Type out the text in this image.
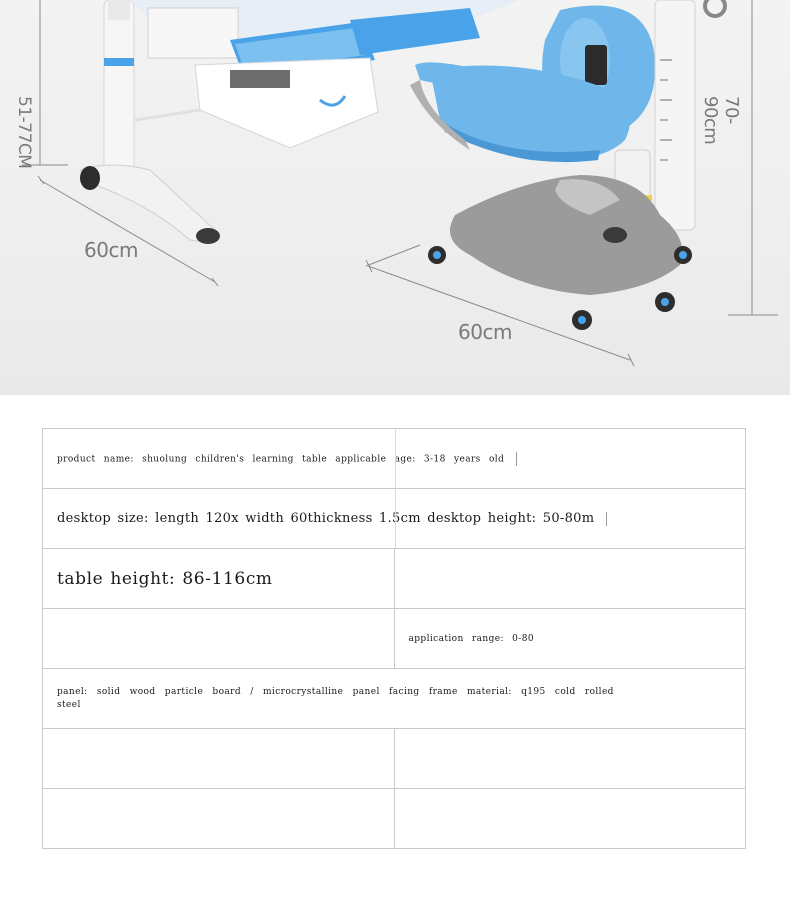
51-77CM	70-90cm
60cm
60cm
product name: shuolung children's learning table applicable age: 3-18 years old	

desktop size: length 120x width 60thickness 1.5cm desktop height: 50-80m	
table height: 86-116cm	
	application range: 0-80
panel: solid wood particle board / microcrystalline panel facing frame material: q195 cold rolled steel	
